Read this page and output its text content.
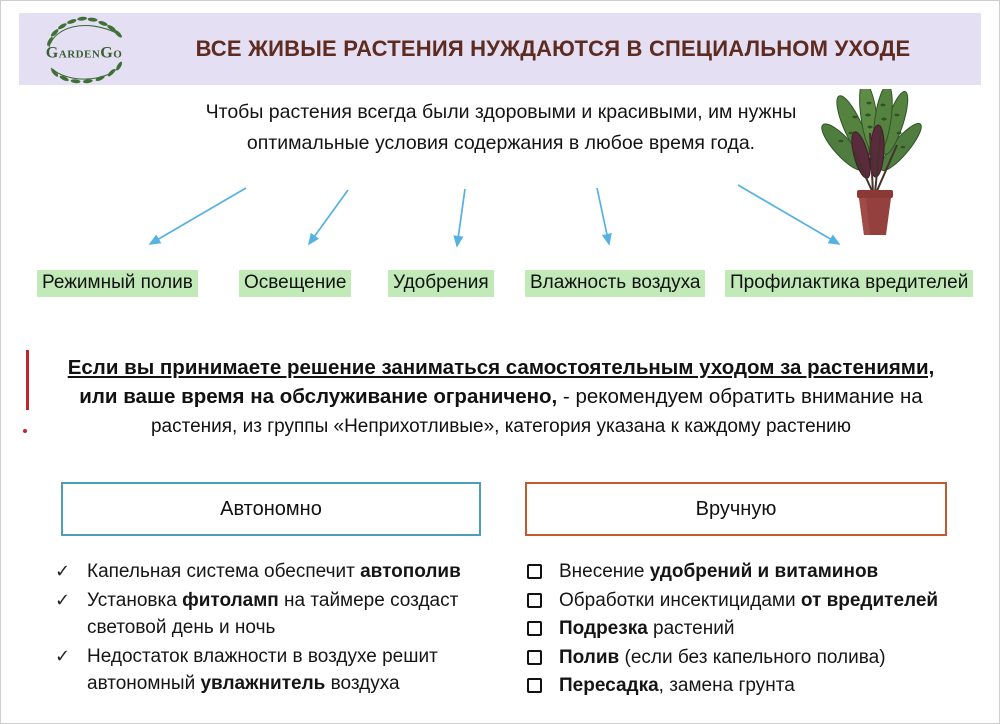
GardenGo	ВСЕ ЖИВЫЕ РАСТЕНИЯ НУЖДАЮТСЯ В СПЕЦИАЛЬНОМ УХОДЕ
Чтобы растения всегда были здоровыми и красивыми, им нужны
оптимальные условия содержания в любое время года.
Режимный полив	Освещение Удобрения Влажность воздуха Профилактика вредителей
Если вы принимаете решение заниматься самостоятельным уходом за растениями,
или ваше время на обслуживание ограничено, - рекомендуем обратить внимание на
растения, из группы «Неприхотливые», категория указана к каждому растению
Автономно	Вручную
✓ Капельная система обеспечит автополив
✓ Установка фитоламп на таймере создаст световой день и ночь
✓ Недостаток влажности в воздухе решит автономный увлажнитель воздуха
Внесение удобрений и витаминов
Обработки инсектицидами от вредителей
Подрезка растений
Полив (если без капельного полива)
Пересадка, замена грунта
